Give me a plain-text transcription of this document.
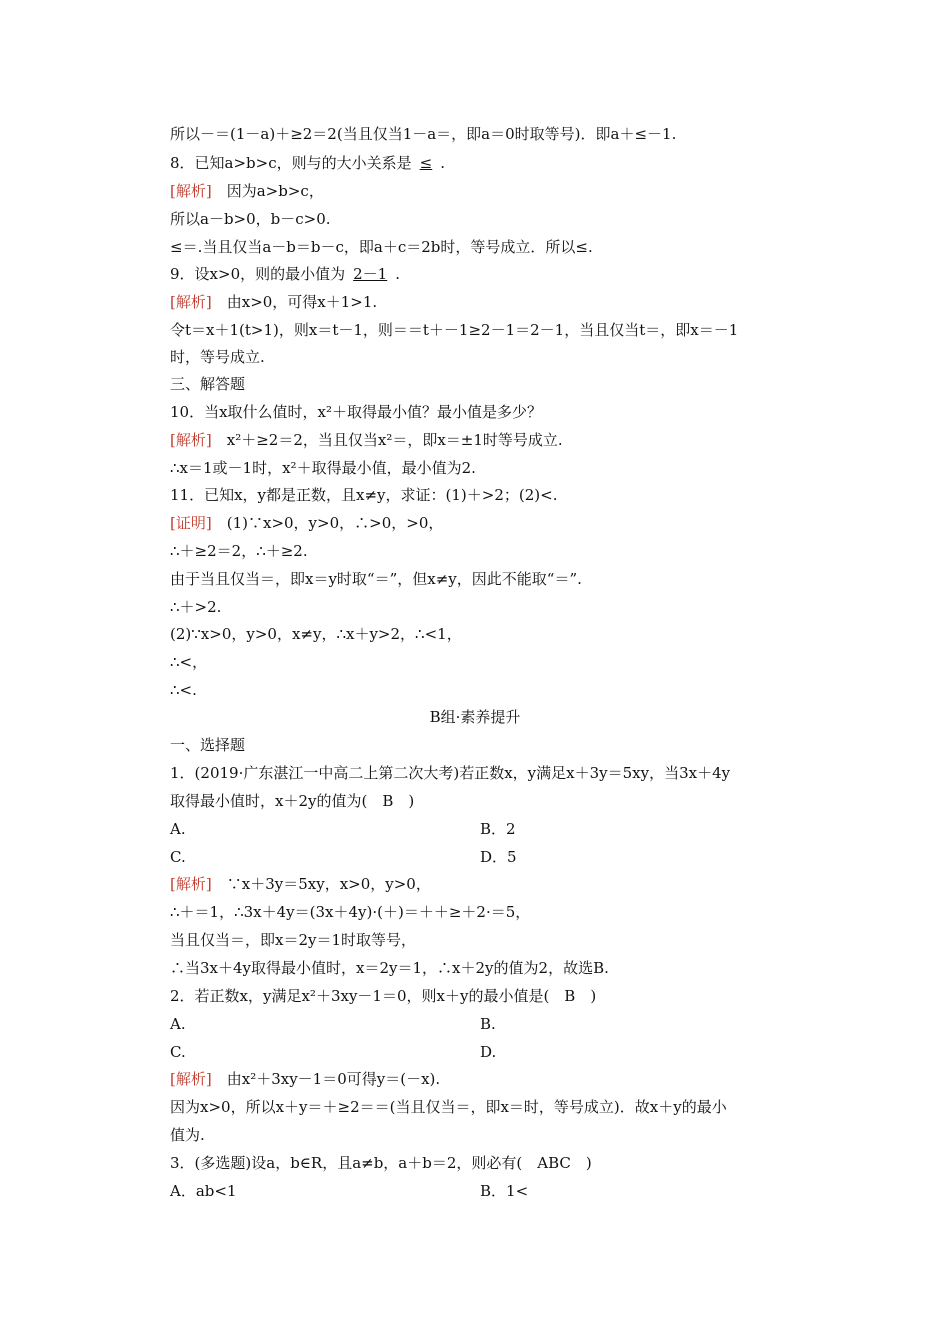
所以－＝(1－a)＋≥2＝2(当且仅当1－a＝，即a＝0时取等号)．即a＋≤－1.
8．已知a>b>c，则与的大小关系是 ≤ .
[解析]　 因为a>b>c，
所以a－b>0，b－c>0.
≤＝.当且仅当a－b＝b－c，即a＋c＝2b时，等号成立．所以≤.
9．设x>0，则的最小值为 2－1 .
[解析]　 由x>0，可得x＋1>1.
令t＝x＋1(t>1)，则x＝t－1，则＝＝t＋－1≥2－1＝2－1，当且仅当t＝，即x＝－1
时，等号成立.
三、解答题
10．当x取什么值时，x²＋取得最小值？最小值是多少？
[解析]　 x²＋≥2＝2，当且仅当x²＝，即x＝±1时等号成立.
∴x＝1或－1时，x²＋取得最小值，最小值为2.
11．已知x，y都是正数，且x≠y，求证：(1)＋>2；(2)<.
[证明]　 (1)∵x>0，y>0，∴>0，>0，
∴＋≥2＝2，∴＋≥2.
由于当且仅当＝，即x＝y时取“＝”，但x≠y，因此不能取“＝”.
∴＋>2.
(2)∵x>0，y>0，x≠y，∴x＋y>2，∴<1，
∴<，
∴<.
B组·素养提升
一、选择题
1．(2019·广东湛江一中高二上第二次大考)若正数x，y满足x＋3y＝5xy，当3x＋4y
取得最小值时，x＋2y的值为(　B　)
A.	B．2
C.	D．5
[解析]　 ∵x＋3y＝5xy，x>0，y>0，
∴＋＝1，∴3x＋4y＝(3x＋4y)·(＋)＝＋＋≥＋2·＝5，
当且仅当＝，即x＝2y＝1时取等号，
∴当3x＋4y取得最小值时，x＝2y＝1，∴x＋2y的值为2，故选B.
2．若正数x，y满足x²＋3xy－1＝0，则x＋y的最小值是(　B　)
A.	B.
C.	D.
[解析]　 由x²＋3xy－1＝0可得y＝(－x).
因为x>0，所以x＋y＝＋≥2＝＝(当且仅当＝，即x＝时，等号成立)．故x＋y的最小
值为.
3．(多选题)设a，b∈R，且a≠b，a＋b＝2，则必有(　ABC　)
A．ab<1	B．1<
